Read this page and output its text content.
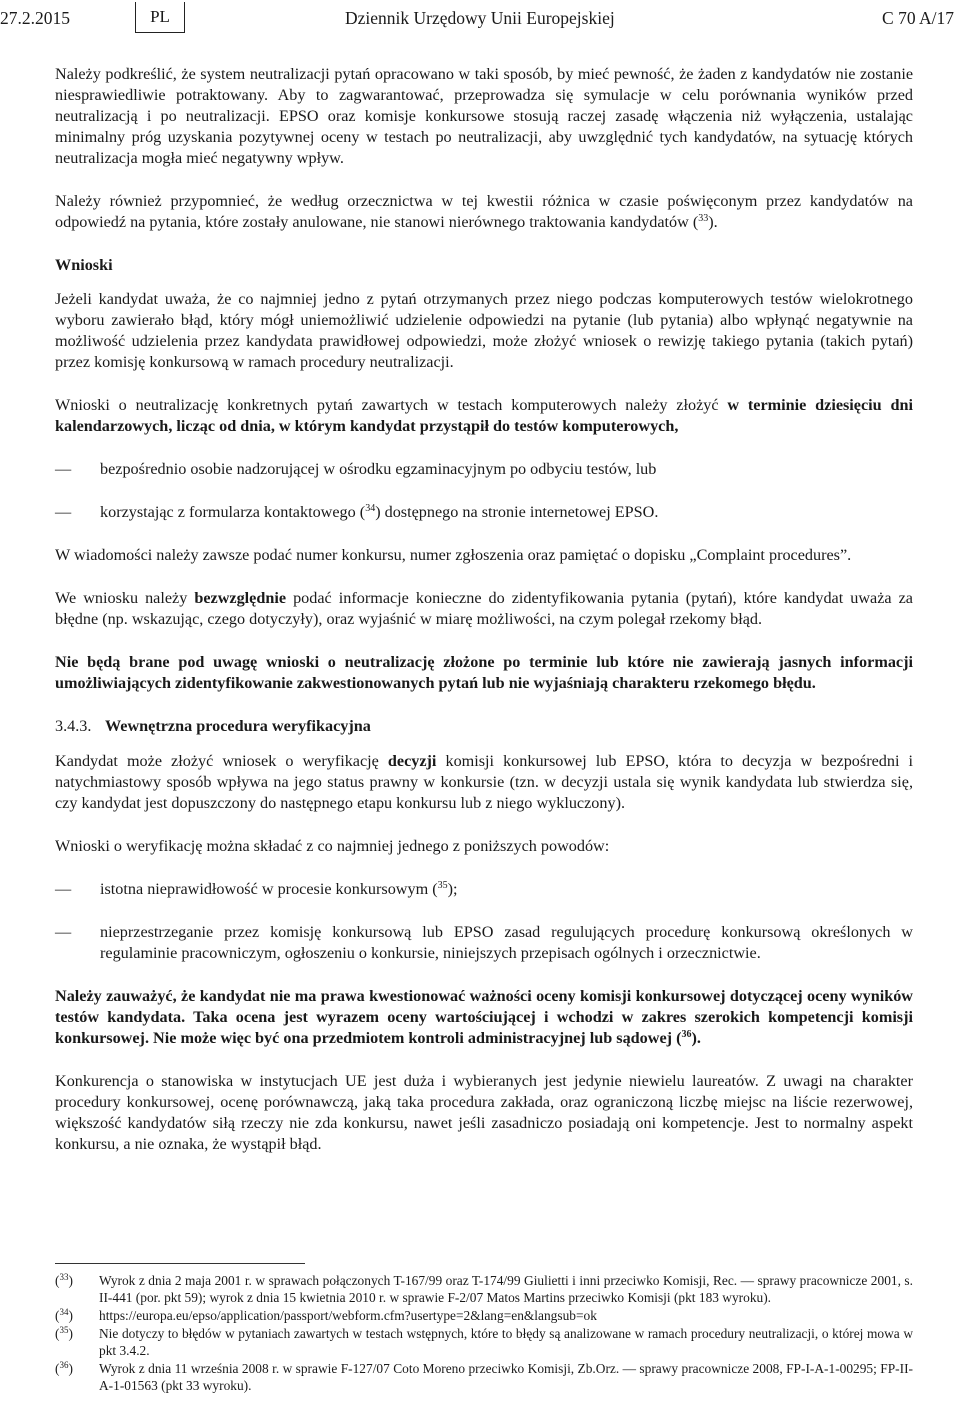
27.2.2015	PL	Dziennik Urzędowy Unii Europejskiej	C 70 A/17

Należy podkreślić, że system neutralizacji pytań opracowano w taki sposób, by mieć pewność, że żaden z kandydatów nie zostanie niesprawiedliwie potraktowany. Aby to zagwarantować, przeprowadza się symulacje w celu porównania wyników przed neutralizacją i po neutralizacji. EPSO oraz komisje konkursowe stosują raczej zasadę włączenia niż wyłączenia, ustalając minimalny próg uzyskania pozytywnej oceny w testach po neutralizacji, aby uwzględnić tych kandydatów, na sytuację których neutralizacja mogła mieć negatywny wpływ.

Należy również przypomnieć, że według orzecznictwa w tej kwestii różnica w czasie poświęconym przez kandydatów na odpowiedź na pytania, które zostały anulowane, nie stanowi nierównego traktowania kandydatów ($^{33}$).

Wnioski

Jeżeli kandydat uważa, że co najmniej jedno z pytań otrzymanych przez niego podczas komputerowych testów wielokrotnego wyboru zawierało błąd, który mógł uniemożliwić udzielenie odpowiedzi na pytanie (lub pytania) albo wpłynąć negatywnie na możliwość udzielenia przez kandydata prawidłowej odpowiedzi, może złożyć wniosek o rewizję takiego pytania (takich pytań) przez komisję konkursową w ramach procedury neutralizacji.

Wnioski o neutralizację konkretnych pytań zawartych w testach komputerowych należy złożyć w terminie dziesięciu dni kalendarzowych, licząc od dnia, w którym kandydat przystąpił do testów komputerowych,

— bezpośrednio osobie nadzorującej w ośrodku egzaminacyjnym po odbyciu testów, lub
— korzystając z formularza kontaktowego ($^{34}$) dostępnego na stronie internetowej EPSO.

W wiadomości należy zawsze podać numer konkursu, numer zgłoszenia oraz pamiętać o dopisku „Complaint procedures”.

We wniosku należy bezwzględnie podać informacje konieczne do zidentyfikowania pytania (pytań), które kandydat uważa za błędne (np. wskazując, czego dotyczyły), oraz wyjaśnić w miarę możliwości, na czym polegał rzekomy błąd.

Nie będą brane pod uwagę wnioski o neutralizację złożone po terminie lub które nie zawierają jasnych informacji umożliwiających zidentyfikowanie zakwestionowanych pytań lub nie wyjaśniają charakteru rzekomego błędu.

3.4.3. Wewnętrzna procedura weryfikacyjna

Kandydat może złożyć wniosek o weryfikację decyzji komisji konkursowej lub EPSO, która to decyzja w bezpośredni i natychmiastowy sposób wpływa na jego status prawny w konkursie (tzn. w decyzji ustala się wynik kandydata lub stwierdza się, czy kandydat jest dopuszczony do następnego etapu konkursu lub z niego wykluczony).

Wnioski o weryfikację można składać z co najmniej jednego z poniższych powodów:

— istotna nieprawidłowość w procesie konkursowym ($^{35}$);
— nieprzestrzeganie przez komisję konkursową lub EPSO zasad regulujących procedurę konkursową określonych w regulaminie pracowniczym, ogłoszeniu o konkursie, niniejszych przepisach ogólnych i orzecznictwie.

Należy zauważyć, że kandydat nie ma prawa kwestionować ważności oceny komisji konkursowej dotyczącej oceny wyników testów kandydata. Taka ocena jest wyrazem oceny wartościującej i wchodzi w zakres szerokich kompetencji komisji konkursowej. Nie może więc być ona przedmiotem kontroli administracyjnej lub sądowej ($^{36}$).

Konkurencja o stanowiska w instytucjach UE jest duża i wybieranych jest jedynie niewielu laureatów. Z uwagi na charakter procedury konkursowej, ocenę porównawczą, jaką taka procedura zakłada, oraz ograniczoną liczbę miejsc na liście rezerwowej, większość kandydatów siłą rzeczy nie zda konkursu, nawet jeśli zasadniczo posiadają oni kompetencje. Jest to normalny aspekt konkursu, a nie oznaka, że wystąpił błąd.

($^{33}$)	Wyrok z dnia 2 maja 2001 r. w sprawach połączonych T-167/99 oraz T-174/99 Giulietti i inni przeciwko Komisji, Rec. — sprawy pracownicze 2001, s. II-441 (por. pkt 59); wyrok z dnia 15 kwietnia 2010 r. w sprawie F-2/07 Matos Martins przeciwko Komisji (pkt 183 wyroku).
($^{34}$)	https://europa.eu/epso/application/passport/webform.cfm?usertype=2&lang=en&langsub=ok
($^{35}$)	Nie dotyczy to błędów w pytaniach zawartych w testach wstępnych, które to błędy są analizowane w ramach procedury neutralizacji, o której mowa w pkt 3.4.2.
($^{36}$)	Wyrok z dnia 11 września 2008 r. w sprawie F-127/07 Coto Moreno przeciwko Komisji, Zb.Orz. — sprawy pracownicze 2008, FP-I-A-1-00295; FP-II-A-1-01563 (pkt 33 wyroku).
